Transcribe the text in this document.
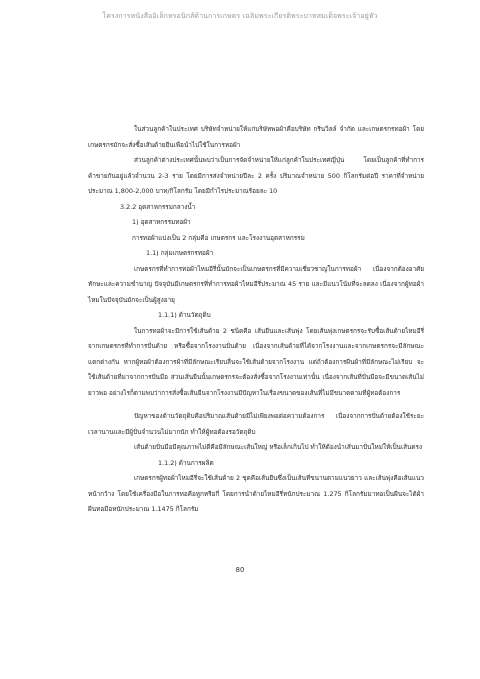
โครงการหนังสืออิเล็กทรอนิกส์ด้านการเกษตร เฉลิมพระเกียรติพระบาทสมเด็จพระเจ้าอยู่หัว

ในส่วนลูกค้าในประเทศ บริษัทจำหน่ายให้แก่บริษัทพอผ้าคือบริษัท กรีนวิลล์ จำกัด และเกษตรกรทอผ้า โดยเกษตรกรมักจะสั่งซื้อเส้นด้ายยืนเพื่อนำไปใช้ในการทอผ้า

ส่วนลูกค้าต่างประเทศนั้นพบว่าเป็นการจัดจำหน่ายให้แก่ลูกค้าในประเทศญี่ปุ่น โดยเป็นลูกค้าที่ทำการค้าขายกันอยู่แล้วจำนวน 2-3 ราย โดยมีการส่งจำหน่ายปีละ 2 ครั้ง ปริมาณจำหน่าย 500 กิโลกรัมต่อปี ราคาที่จำหน่ายประมาณ 1,800-2,000 บาท/กิโลกรัม โดยมีกำไรประมาณร้อยละ 10

3.2.2 อุตสาหกรรมกลางน้ำ

1) อุตสาหกรรมทอผ้า

การทอผ้าแบ่งเป็น 2 กลุ่มคือ เกษตรกร และโรงงานอุตสาหกรรม

1.1) กลุ่มเกษตรกรทอผ้า

เกษตรกรที่ทำการทอผ้าไหมอีรี่นั้นมักจะเป็นเกษตรกรที่มีความเชี่ยวชาญในการทอผ้า เนื่องจากต้องอาศัยทักษะและความชำนาญ ปัจจุบันมีเกษตรกรที่ทำการทอผ้าไหมอีรี่ประมาณ 45 ราย และมีแนวโน้มที่จะลดลง เนื่องจากผู้ทอผ้าไหมในปัจจุบันมักจะเป็นผู้สูงอายุ

1.1.1) ด้านวัตถุดิบ

ในการทอผ้าจะมีการใช้เส้นด้าย 2 ชนิดคือ เส้นยืนและเส้นพุ่ง โดยเส้นพุ่งเกษตรกรจะรับซื้อเส้นด้ายไหมอีรี่จากเกษตรกรที่ทำการปั่นด้าย หรือซื้อจากโรงงานปั่นด้าย เนื่องจากเส้นด้ายที่ได้จากโรงงานและจากเกษตรกรจะมีลักษณะแตกต่างกัน หากผู้ทอผ้าต้องการผ้าที่มีลักษณะเรียบลื่นจะใช้เส้นด้ายจากโรงงาน แต่ถ้าต้องการผืนผ้าที่มีลักษณะไม่เรียบ จะใช้เส้นด้ายที่มาจากการปั่นมือ ส่วนเส้นยืนนั้นเกษตรกรจะต้องสั่งซื้อจากโรงงานเท่านั้น เนื่องจากเส้นที่ปั่นมือจะมีขนาดเส้นไม่ยาวพอ อย่างไรก็ตามพบว่าการสั่งซื้อเส้นยืนจากโรงงานมีปัญหาในเรื่องขนาดของเส้นที่ไม่มีขนาดตามที่ผู้ทอต้องการ

ปัญหาของด้านวัตถุดิบคือปริมาณเส้นด้ายมีไม่เพียงพอต่อความต้องการ เนื่องจากการปั่นด้ายต้องใช้ระยะเวลานานและมีผู้ปั่นจำนวนไม่มากนัก ทำให้ผู้ทอต้องรอวัตถุดิบ

เส้นด้ายปั่นมือมีคุณภาพไม่ดีคือมีลักษณะเส้นใหญ่ หรือเล็กเกินไป ทำให้ต้องนำเส้นมาปั่นใหม่ให้เป็นเส้นตรง

1.1.2) ด้านการผลิต

เกษตรกรผู้ทอผ้าไหมอีรี่จะใช้เส้นด้าย 2 ชุดคือเส้นยืนซึ่งเป็นเส้นที่ขนานตามแนวยาว และเส้นพุ่งคือเส้นแนวหน้ากว้าง โดยใช้เครื่องมือในการทอคือหูกหรือกี่ โดยการนำด้ายไหมอีรี่หนักประมาณ 1.275 กิโลกรัมมาทอเป็นผืนจะได้ผ้าผืนทอมือหนักประมาณ 1.1475 กิโลกรัม

80
